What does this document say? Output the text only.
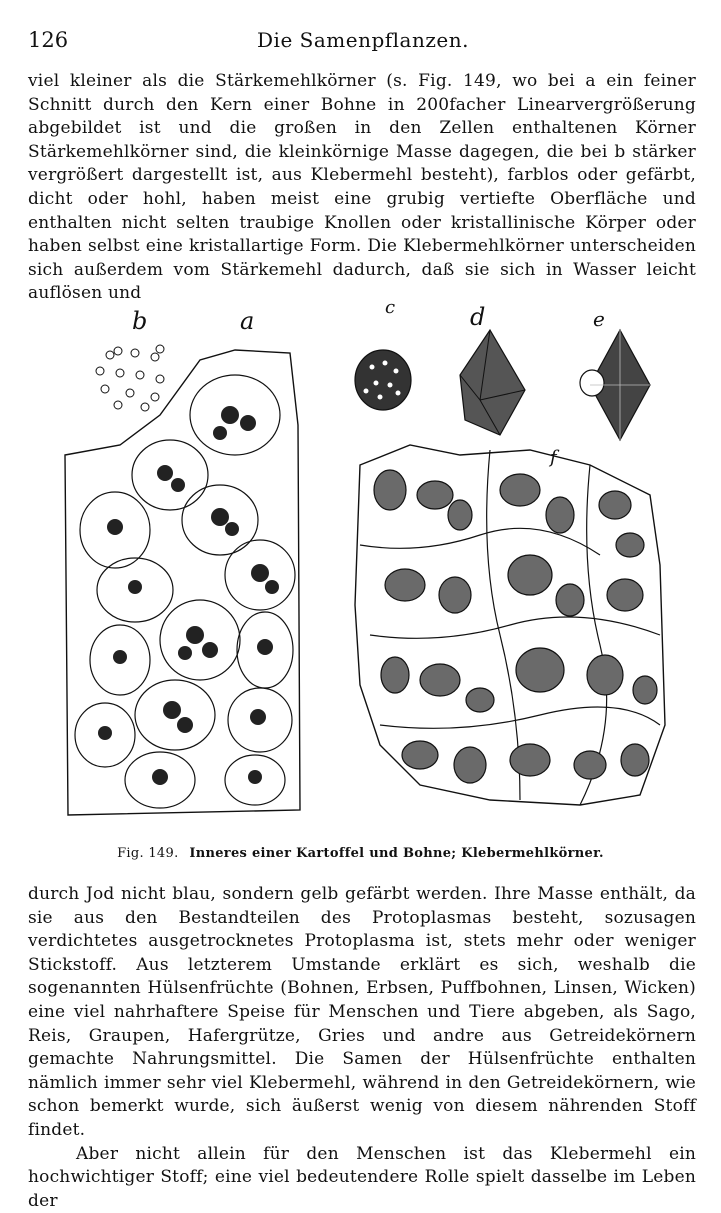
126	Die Samenpflanzen.

viel kleiner als die Stärkemehlkörner (s. Fig. 149, wo bei a ein feiner Schnitt durch den Kern einer Bohne in 200facher Linearvergrößerung abgebildet ist und die großen in den Zellen enthaltenen Körner Stärkemehlkörner sind, die kleinkörnige Masse dagegen, die bei b stärker vergrößert dargestellt ist, aus Klebermehl besteht), farblos oder gefärbt, dicht oder hohl, haben meist eine grubig vertiefte Oberfläche und enthalten nicht selten traubige Knollen oder kristallinische Körper oder haben selbst eine kristallartige Form. Die Klebermehlkörner unterscheiden sich außerdem vom Stärkemehl dadurch, daß sie sich in Wasser leicht auflösen und

b	a	c	d	e
f
Fig. 149. Inneres einer Kartoffel und Bohne; Klebermehlkörner.

durch Jod nicht blau, sondern gelb gefärbt werden. Ihre Masse enthält, da sie aus den Bestandteilen des Protoplasmas besteht, sozusagen verdichtetes ausgetrocknetes Protoplasma ist, stets mehr oder weniger Stickstoff. Aus letzterem Umstande erklärt es sich, weshalb die sogenannten Hülsenfrüchte (Bohnen, Erbsen, Puffbohnen, Linsen, Wicken) eine viel nahrhaftere Speise für Menschen und Tiere abgeben, als Sago, Reis, Graupen, Hafergrütze, Gries und andre aus Getreidekörnern gemachte Nahrungsmittel. Die Samen der Hülsenfrüchte enthalten nämlich immer sehr viel Klebermehl, während in den Getreidekörnern, wie schon bemerkt wurde, sich äußerst wenig von diesem nährenden Stoff findet.

Aber nicht allein für den Menschen ist das Klebermehl ein hochwichtiger Stoff; eine viel bedeutendere Rolle spielt dasselbe im Leben der
